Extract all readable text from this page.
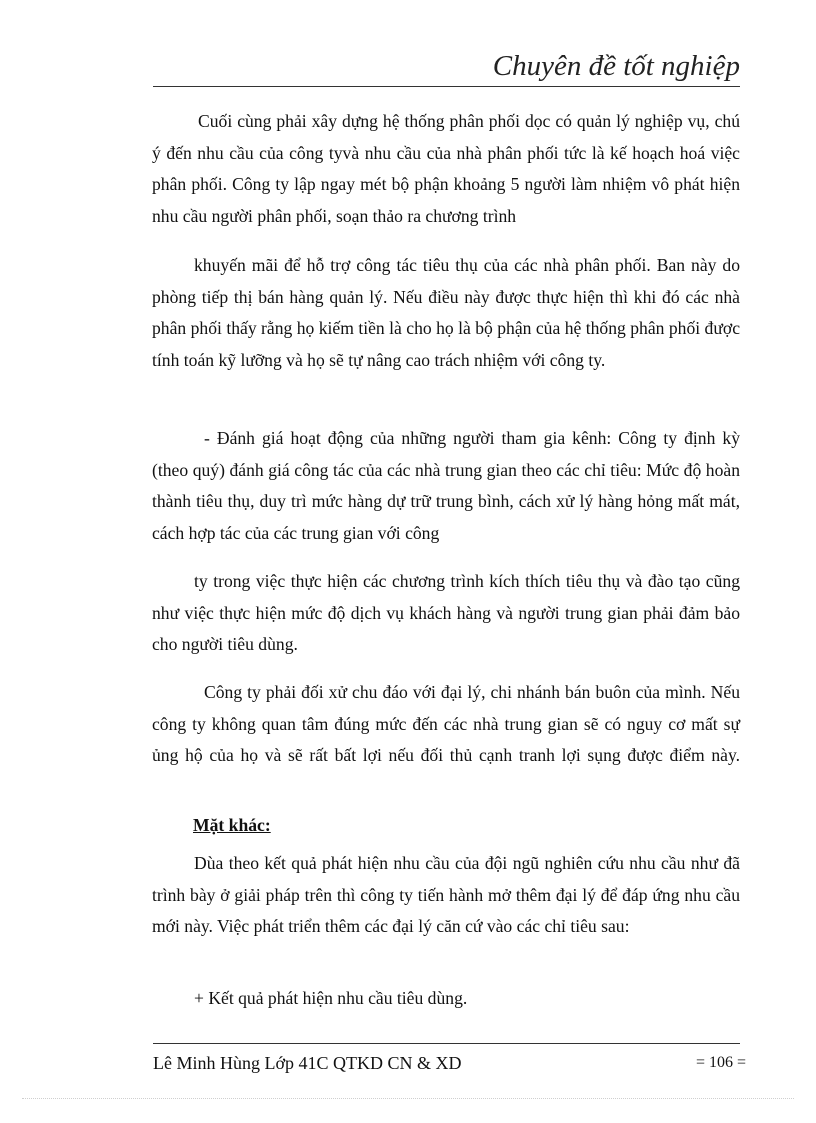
Chuyên đề tốt nghiệp

Cuối cùng phải xây dựng hệ thống phân phối dọc có quản lý nghiệp vụ, chú ý đến nhu cầu của công tyvà nhu cầu của nhà phân phối tức là kế hoạch hoá việc phân phối. Công ty lập ngay mét bộ phận khoảng 5 người làm nhiệm vô phát hiện nhu cầu người phân phối, soạn thảo ra chương trình

khuyến mãi để hỗ trợ công tác tiêu thụ của các nhà phân phối. Ban này do phòng tiếp thị bán hàng quản lý. Nếu điều này được thực hiện thì khi đó các nhà phân phối thấy rằng họ kiếm tiền là cho họ là bộ phận của hệ thống phân phối được tính toán kỹ lưỡng và họ sẽ tự nâng cao trách nhiệm với công ty.

- Đánh giá hoạt động của những người tham gia kênh: Công ty định kỳ (theo quý) đánh giá công tác của các nhà trung gian theo các chỉ tiêu: Mức độ hoàn thành tiêu thụ, duy trì mức hàng dự trữ trung bình, cách xử lý hàng hỏng mất mát, cách hợp tác của các trung gian với công

ty trong việc thực hiện các chương trình kích thích tiêu thụ và đào tạo cũng như việc thực hiện mức độ dịch vụ khách hàng và người trung gian phải đảm bảo cho người tiêu dùng.

Công ty phải đối xử chu đáo với đại lý, chi nhánh bán buôn của mình. Nếu công ty không quan tâm đúng mức đến các nhà trung gian sẽ có nguy cơ mất sự ủng hộ của họ và sẽ rất bất lợi nếu đối thủ cạnh tranh lợi sụng được điểm này.

Mặt khác:

Dùa theo kết quả phát hiện nhu cầu của đội ngũ nghiên cứu nhu cầu như đã trình bày ở giải pháp trên thì công ty tiến hành mở thêm đại lý để đáp ứng nhu cầu mới này. Việc phát triển thêm các đại lý căn cứ vào các chỉ tiêu sau:

+ Kết quả phát hiện nhu cầu tiêu dùng.

Lê Minh Hùng Lớp 41C QTKD CN & XD	= 106 =
